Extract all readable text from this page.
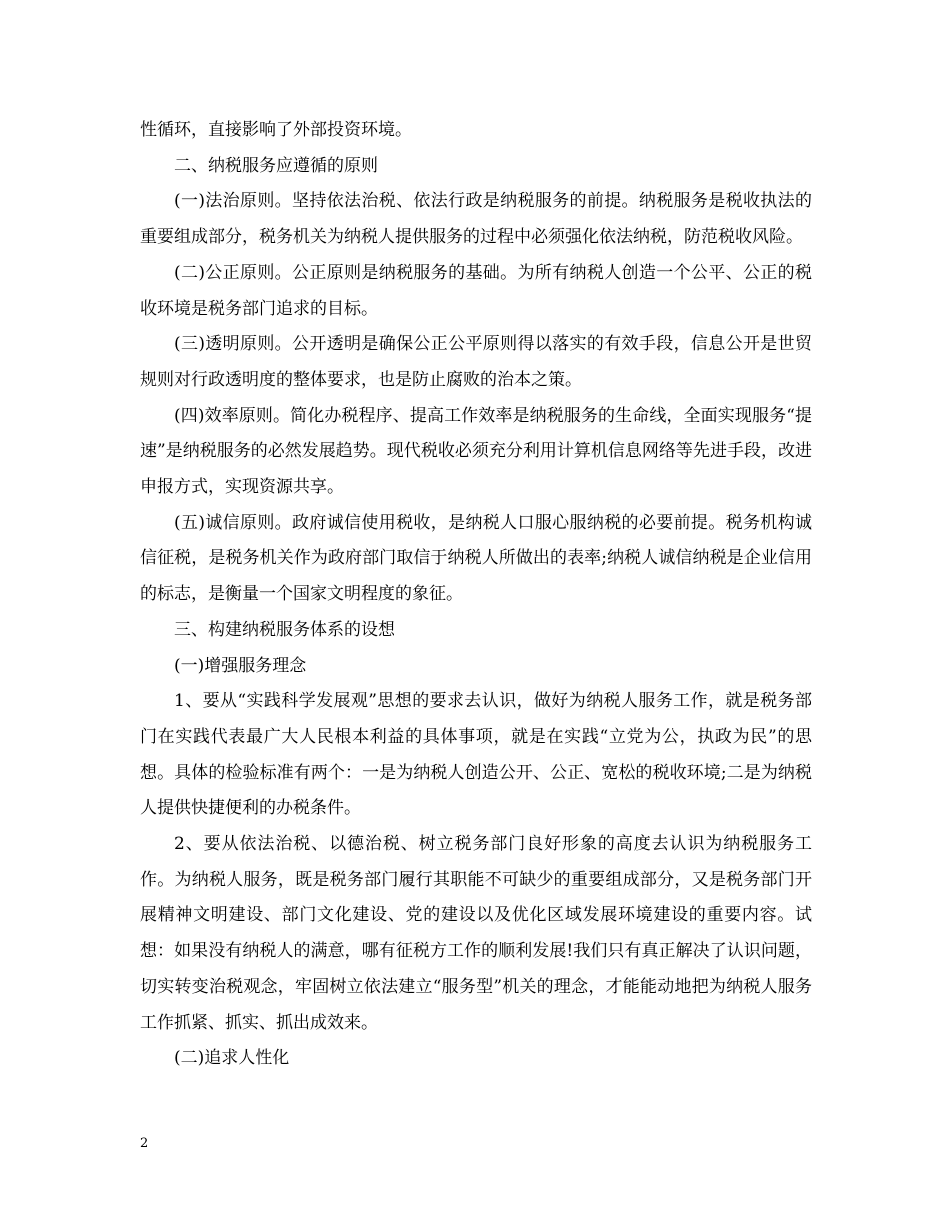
性循环，直接影响了外部投资环境。

二、纳税服务应遵循的原则

(一)法治原则。坚持依法治税、依法行政是纳税服务的前提。纳税服务是税收执法的重要组成部分，税务机关为纳税人提供服务的过程中必须强化依法纳税，防范税收风险。

(二)公正原则。公正原则是纳税服务的基础。为所有纳税人创造一个公平、公正的税收环境是税务部门追求的目标。

(三)透明原则。公开透明是确保公正公平原则得以落实的有效手段，信息公开是世贸规则对行政透明度的整体要求，也是防止腐败的治本之策。

(四)效率原则。简化办税程序、提高工作效率是纳税服务的生命线，全面实现服务“提速”是纳税服务的必然发展趋势。现代税收必须充分利用计算机信息网络等先进手段，改进申报方式，实现资源共享。

(五)诚信原则。政府诚信使用税收，是纳税人口服心服纳税的必要前提。税务机构诚信征税，是税务机关作为政府部门取信于纳税人所做出的表率;纳税人诚信纳税是企业信用的标志，是衡量一个国家文明程度的象征。

三、构建纳税服务体系的设想

(一)增强服务理念

1、要从“实践科学发展观”思想的要求去认识，做好为纳税人服务工作，就是税务部门在实践代表最广大人民根本利益的具体事项，就是在实践“立党为公，执政为民”的思想。具体的检验标准有两个：一是为纳税人创造公开、公正、宽松的税收环境;二是为纳税人提供快捷便利的办税条件。

2、要从依法治税、以德治税、树立税务部门良好形象的高度去认识为纳税服务工作。为纳税人服务，既是税务部门履行其职能不可缺少的重要组成部分，又是税务部门开展精神文明建设、部门文化建设、党的建设以及优化区域发展环境建设的重要内容。试想：如果没有纳税人的满意，哪有征税方工作的顺利发展!我们只有真正解决了认识问题，切实转变治税观念，牢固树立依法建立“服务型”机关的理念，才能能动地把为纳税人服务工作抓紧、抓实、抓出成效来。

(二)追求人性化

2
